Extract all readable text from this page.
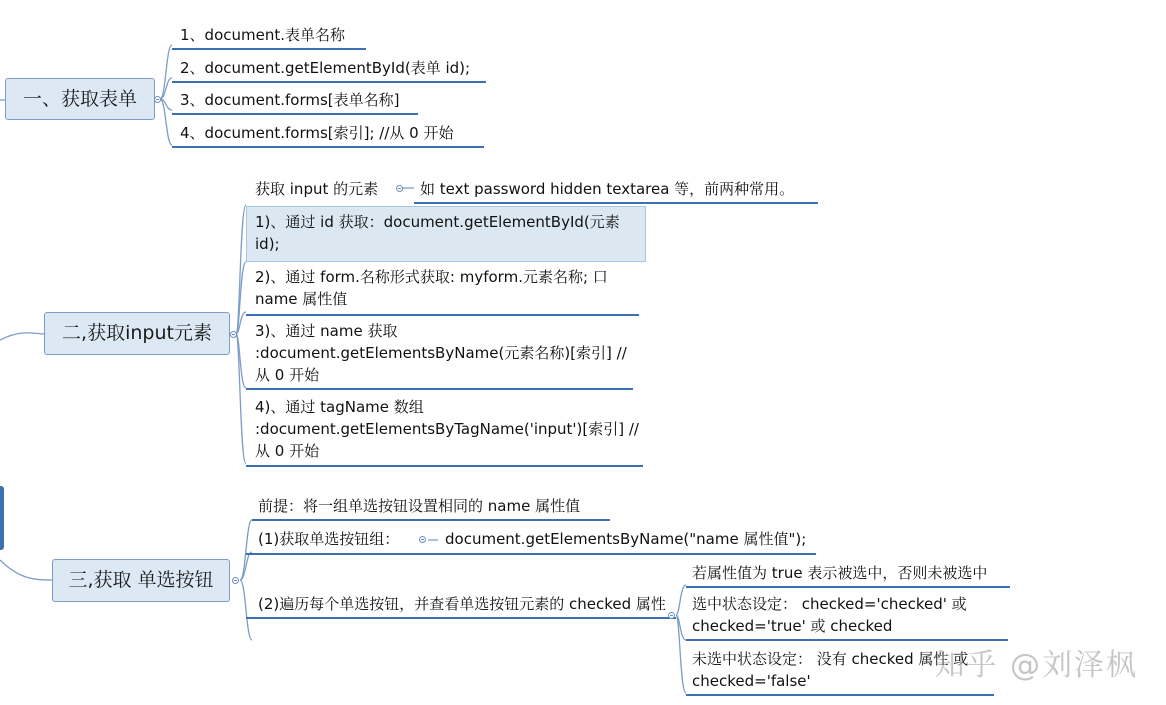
一、获取表单
1、document.表单名称
2、document.getElementById(表单 id);
3、document.forms[表单名称]
4、document.forms[索引]; //从 0 开始
二,获取input元素
获取 input 的元素	如 text password hidden textarea 等，前两种常用。
1)、通过 id 获取：document.getElementById(元素 id);
2)、通过 form.名称形式获取: myform.元素名称; 口 name 属性值
3)、通过 name 获取 :document.getElementsByName(元素名称)[索引] //从 0 开始
4)、通过 tagName 数组 :document.getElementsByTagName('input')[索引] //从 0 开始
三,获取 单选按钮
前提：将一组单选按钮设置相同的 name 属性值
(1)获取单选按钮组：	document.getElementsByName("name 属性值");
(2)遍历每个单选按钮，并查看单选按钮元素的 checked 属性
若属性值为 true 表示被选中，否则未被选中
选中状态设定： checked='checked' 或 checked='true' 或 checked
未选中状态设定： 没有 checked 属性 或 checked='false'	知乎 @刘泽枫
